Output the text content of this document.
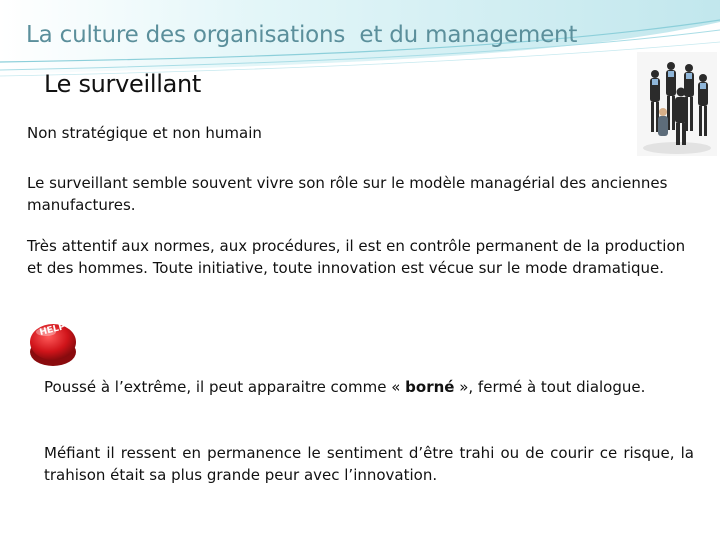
La culture des organisations  et du management
Le surveillant

Non stratégique et non humain

Le surveillant semble souvent vivre son rôle sur le modèle managérial des anciennes manufactures.

Très attentif aux normes, aux procédures, il est en contrôle permanent de la production et des hommes. Toute initiative, toute innovation est vécue sur le mode dramatique.

HELP

Poussé à l’extrême, il peut apparaitre comme « borné », fermé à tout dialogue.

Méfiant il ressent en permanence le sentiment d’être trahi ou de courir ce risque, la trahison était sa plus grande peur avec l’innovation.
